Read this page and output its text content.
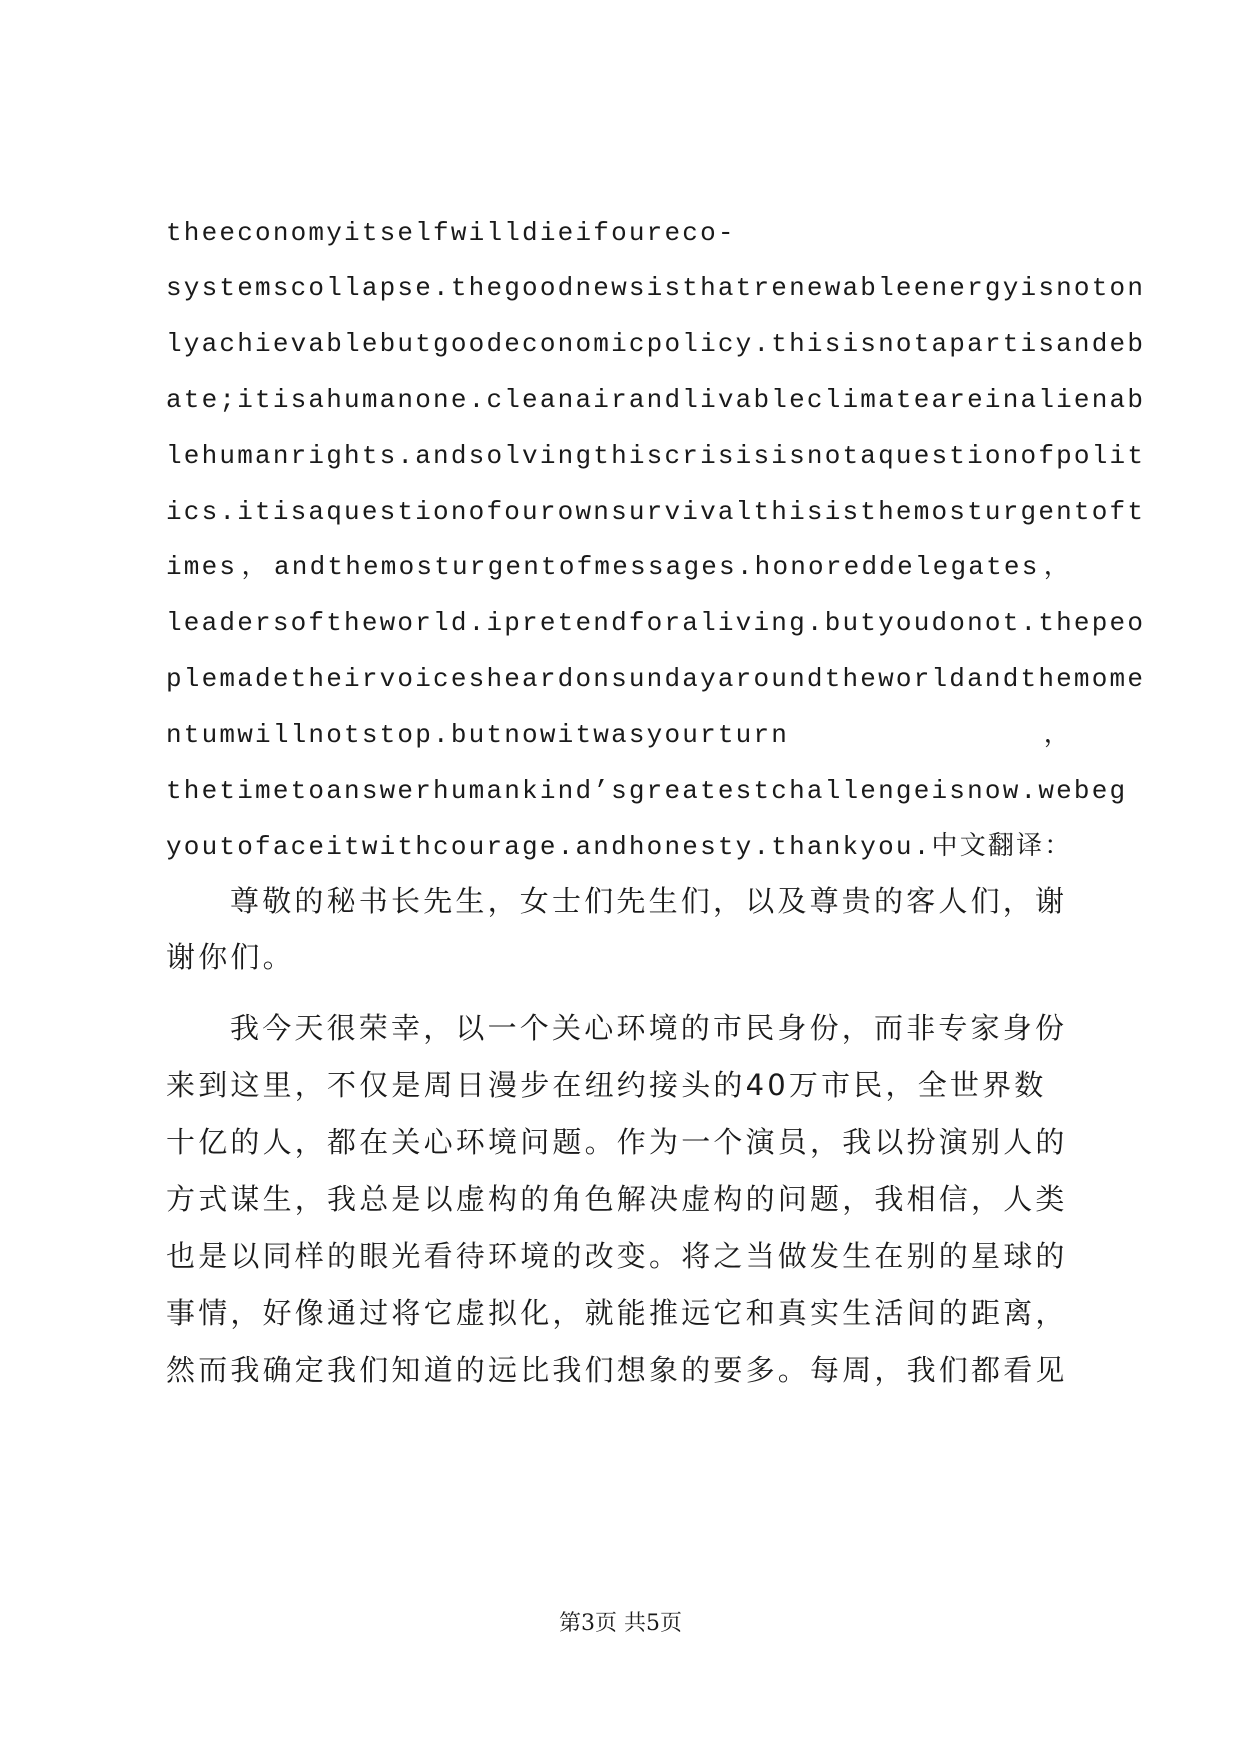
theeconomyitselfwilldieifoureco-
systemscollapse.thegoodnewsisthatrenewableenergyisnoton
lyachievablebutgoodeconomicpolicy.thisisnotapartisandeb
ate;itisahumanone.cleanairandlivableclimateareinalienab
lehumanrights.andsolvingthiscrisisisnotaquestionofpolit
ics.itisaquestionofourownsurvivalthisisthemosturgentoft
imes ， andthemosturgentofmessages.honoreddelegates ，
leadersoftheworld.ipretendforaliving.butyoudonot.thepeo
plemadetheirvoicesheardonsundayaroundtheworldandthemome
ntumwillnotstop.butnowitwasyourturn	，
thetimetoanswerhumankind’sgreatestchallengeisnow.webeg
youtofaceitwithcourage.andhonesty.thankyou.中文翻译：
尊敬的秘书长先生，女士们先生们，以及尊贵的客人们，谢
谢你们。
我今天很荣幸，以一个关心环境的市民身份，而非专家身份
来到这里，不仅是周日漫步在纽约接头的40万市民，全世界数
十亿的人，都在关心环境问题。作为一个演员，我以扮演别人的
方式谋生，我总是以虚构的角色解决虚构的问题，我相信，人类
也是以同样的眼光看待环境的改变。将之当做发生在别的星球的
事情，好像通过将它虚拟化，就能推远它和真实生活间的距离，
然而我确定我们知道的远比我们想象的要多。每周，我们都看见
第3页 共5页
